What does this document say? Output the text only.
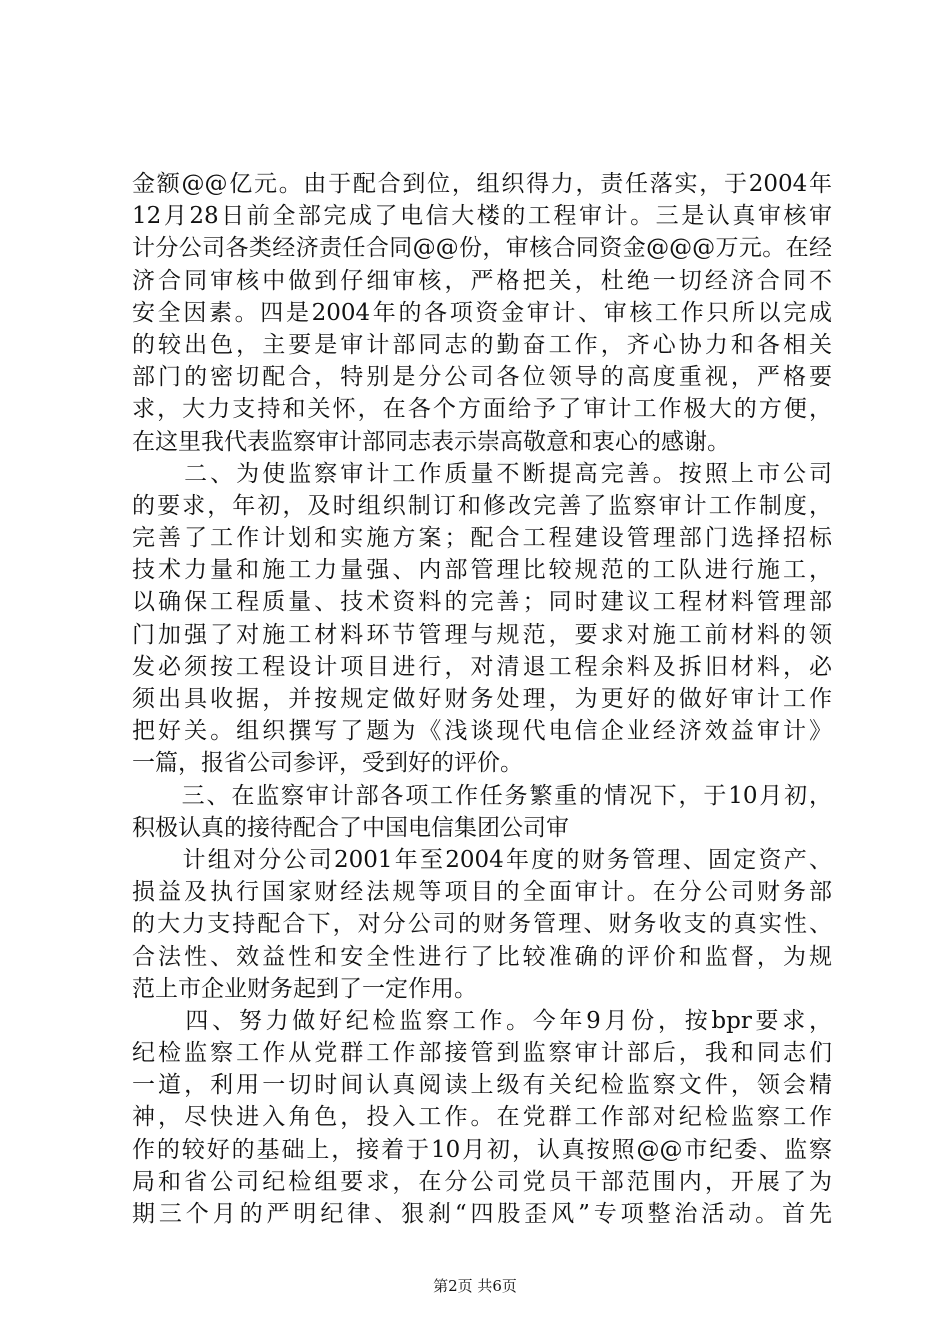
金额@@亿元。由于配合到位，组织得力，责任落实，于2004年
12月28日前全部完成了电信大楼的工程审计。三是认真审核审
计分公司各类经济责任合同@@份，审核合同资金@@@万元。在经
济合同审核中做到仔细审核，严格把关，杜绝一切经济合同不
安全因素。四是2004年的各项资金审计、审核工作只所以完成
的较出色，主要是审计部同志的勤奋工作，齐心协力和各相关
部门的密切配合，特别是分公司各位领导的高度重视，严格要
求，大力支持和关怀，在各个方面给予了审计工作极大的方便，
在这里我代表监察审计部同志表示崇高敬意和衷心的感谢。
　　二、为使监察审计工作质量不断提高完善。按照上市公司
的要求，年初，及时组织制订和修改完善了监察审计工作制度，
完善了工作计划和实施方案；配合工程建设管理部门选择招标
技术力量和施工力量强、内部管理比较规范的工队进行施工，
以确保工程质量、技术资料的完善；同时建议工程材料管理部
门加强了对施工材料环节管理与规范，要求对施工前材料的领
发必须按工程设计项目进行，对清退工程余料及拆旧材料，必
须出具收据，并按规定做好财务处理，为更好的做好审计工作
把好关。组织撰写了题为《浅谈现代电信企业经济效益审计》
一篇，报省公司参评，受到好的评价。
　　三、在监察审计部各项工作任务繁重的情况下，于10月初，
积极认真的接待配合了中国电信集团公司审
　　计组对分公司2001年至2004年度的财务管理、固定资产、
损益及执行国家财经法规等项目的全面审计。在分公司财务部
的大力支持配合下，对分公司的财务管理、财务收支的真实性、
合法性、效益性和安全性进行了比较准确的评价和监督，为规
范上市企业财务起到了一定作用。
　　四、努力做好纪检监察工作。今年9月份，按bpr要求，
纪检监察工作从党群工作部接管到监察审计部后，我和同志们
一道，利用一切时间认真阅读上级有关纪检监察文件，领会精
神，尽快进入角色，投入工作。在党群工作部对纪检监察工作
作的较好的基础上，接着于10月初，认真按照@@市纪委、监察
局和省公司纪检组要求，在分公司党员干部范围内，开展了为
期三个月的严明纪律、狠刹“四股歪风”专项整治活动。首先
第2页 共6页
